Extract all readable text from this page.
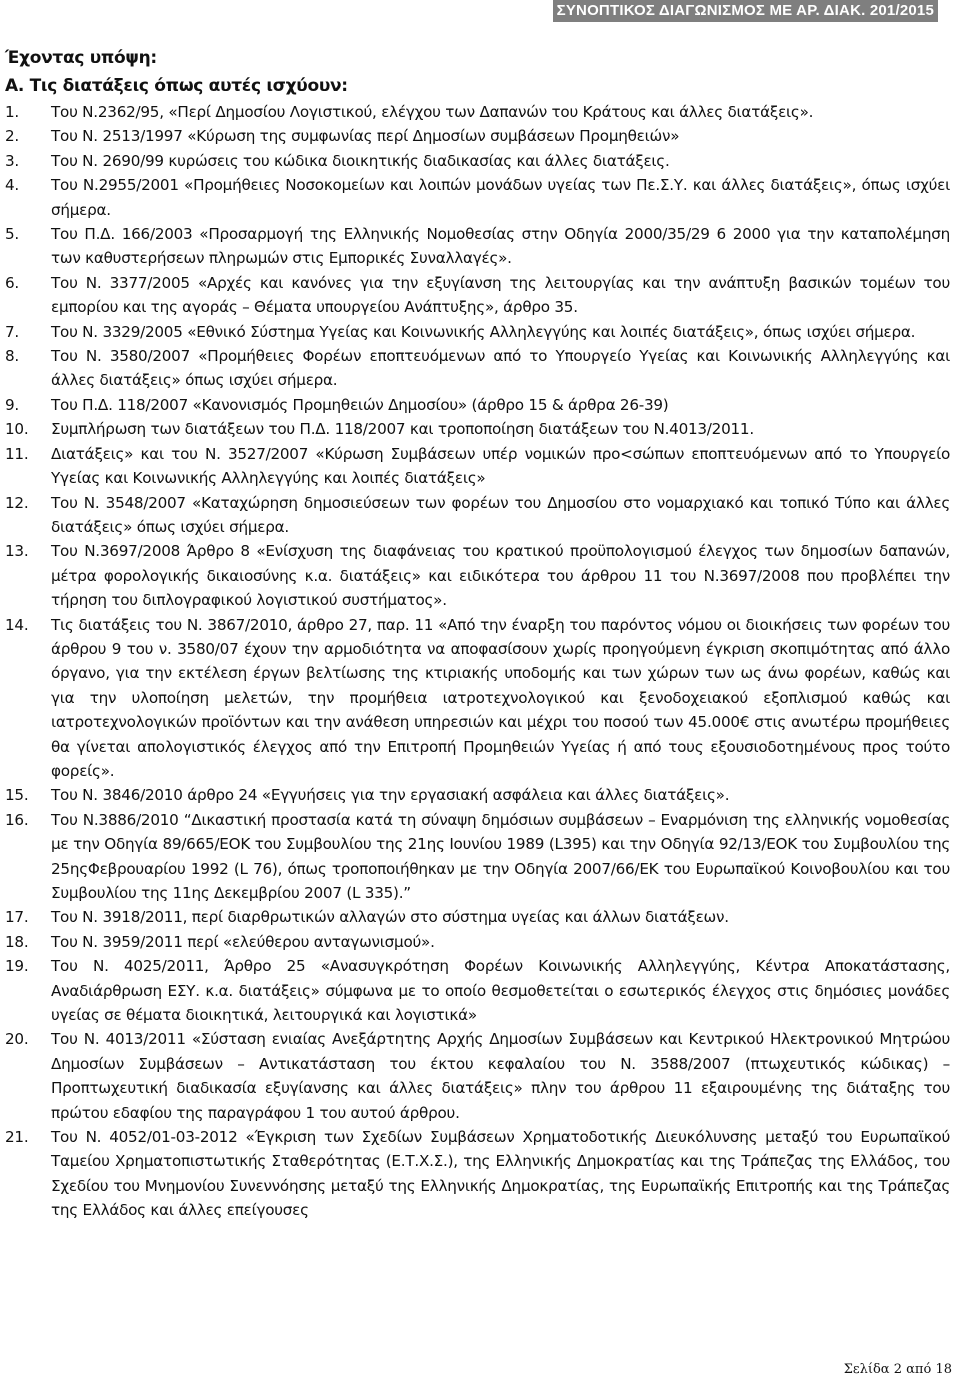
ΣΥΝΟΠΤΙΚΟΣ ΔΙΑΓΩΝΙΣΜΟΣ ΜΕ ΑΡ. ΔΙΑΚ. 201/2015
Έχοντας υπόψη:
Α. Τις διατάξεις όπως αυτές ισχύουν:
1.	Του Ν.2362/95, «Περί Δημοσίου Λογιστικού, ελέγχου των Δαπανών του Κράτους και άλλες διατάξεις».
2.	Του Ν. 2513/1997 «Κύρωση της συμφωνίας περί Δημοσίων συμβάσεων Προμηθειών»
3.	Του Ν. 2690/99 κυρώσεις του κώδικα διοικητικής διαδικασίας και άλλες διατάξεις.
4.	Του Ν.2955/2001 «Προμήθειες Νοσοκομείων και λοιπών μονάδων υγείας των Πε.Σ.Υ. και άλλες διατάξεις», όπως ισχύει σήμερα.
5.	Του Π.Δ. 166/2003 «Προσαρμογή της Ελληνικής Νομοθεσίας στην Οδηγία 2000/35/29 6 2000 για την καταπολέμηση των καθυστερήσεων πληρωμών στις Εμπορικές Συναλλαγές».
6.	Του Ν. 3377/2005 «Αρχές και κανόνες για την εξυγίανση της λειτουργίας και την ανάπτυξη βασικών τομέων του εμπορίου και της αγοράς – Θέματα υπουργείου Ανάπτυξης», άρθρο 35.
7.	Του Ν. 3329/2005 «Εθνικό Σύστημα Υγείας και Κοινωνικής Αλληλεγγύης και λοιπές διατάξεις», όπως ισχύει σήμερα.
8.	Του Ν. 3580/2007 «Προμήθειες Φορέων εποπτευόμενων από το Υπουργείο Υγείας και Κοινωνικής Αλληλεγγύης και άλλες διατάξεις» όπως ισχύει σήμερα.
9.	Του Π.Δ. 118/2007 «Κανονισμός Προμηθειών Δημοσίου» (άρθρο 15 & άρθρα 26-39)
10.	Συμπλήρωση των διατάξεων του Π.Δ. 118/2007 και τροποποίηση διατάξεων του Ν.4013/2011.
11.	Διατάξεις» και του Ν. 3527/2007 «Κύρωση Συμβάσεων υπέρ νομικών προ<σώπων εποπτευόμενων από το Υπουργείο Υγείας και Κοινωνικής Αλληλεγγύης και λοιπές διατάξεις»
12.	Του Ν. 3548/2007 «Καταχώρηση δημοσιεύσεων των φορέων του Δημοσίου στο νομαρχιακό και τοπικό Τύπο και άλλες διατάξεις» όπως ισχύει σήμερα.
13.	Του Ν.3697/2008 Άρθρο 8 «Ενίσχυση της διαφάνειας του κρατικού προϋπολογισμού έλεγχος των δημοσίων δαπανών, μέτρα φορολογικής δικαιοσύνης κ.α. διατάξεις» και ειδικότερα του άρθρου 11 του Ν.3697/2008 που προβλέπει την τήρηση του διπλογραφικού λογιστικού συστήματος».
14.	Τις διατάξεις του Ν. 3867/2010, άρθρο 27, παρ. 11 «Από την έναρξη του παρόντος νόμου οι διοικήσεις των φορέων του άρθρου 9 του ν. 3580/07 έχουν την αρμοδιότητα να αποφασίσουν χωρίς προηγούμενη έγκριση σκοπιμότητας από άλλο όργανο, για την εκτέλεση έργων βελτίωσης της κτιριακής υποδομής και των χώρων των ως άνω φορέων, καθώς και για την υλοποίηση μελετών, την προμήθεια ιατροτεχνολογικού και ξενοδοχειακού εξοπλισμού καθώς και ιατροτεχνολογικών προϊόντων και την ανάθεση υπηρεσιών και μέχρι του ποσού των 45.000€ στις ανωτέρω προμήθειες θα γίνεται απολογιστικός έλεγχος από την Επιτροπή Προμηθειών Υγείας ή από τους εξουσιοδοτημένους προς τούτο φορείς».
15.	Του Ν. 3846/2010 άρθρο 24 «Εγγυήσεις για την εργασιακή ασφάλεια και άλλες διατάξεις».
16.	Του Ν.3886/2010 “Δικαστική προστασία κατά τη σύναψη δημόσιων συμβάσεων – Εναρμόνιση της ελληνικής νομοθεσίας με την Οδηγία 89/665/ΕΟΚ του Συμβουλίου της 21ης Ιουνίου 1989 (L395) και την Οδηγία 92/13/ΕΟΚ του Συμβουλίου της 25ηςΦεβρουαρίου 1992 (L 76), όπως τροποποιήθηκαν με την Οδηγία 2007/66/ΕΚ του Ευρωπαϊκού Κοινοβουλίου και του Συμβουλίου της 11ης Δεκεμβρίου 2007 (L 335).”
17.	Του Ν. 3918/2011, περί διαρθρωτικών αλλαγών στο σύστημα υγείας και άλλων διατάξεων.
18.	Του Ν. 3959/2011 περί «ελεύθερου ανταγωνισμού».
19.	Του Ν. 4025/2011, Άρθρο 25 «Ανασυγκρότηση Φορέων Κοινωνικής Αλληλεγγύης, Κέντρα Αποκατάστασης, Αναδιάρθρωση ΕΣΥ. κ.α. διατάξεις» σύμφωνα με το οποίο θεσμοθετείται ο εσωτερικός έλεγχος στις δημόσιες μονάδες υγείας σε θέματα διοικητικά, λειτουργικά και λογιστικά»
20.	Του Ν. 4013/2011 «Σύσταση ενιαίας Ανεξάρτητης Αρχής Δημοσίων Συμβάσεων και Κεντρικού Ηλεκτρονικού Μητρώου Δημοσίων Συμβάσεων – Αντικατάσταση του έκτου κεφαλαίου του Ν. 3588/2007 (πτωχευτικός κώδικας) – Προπτωχευτική διαδικασία εξυγίανσης και άλλες διατάξεις» πλην του άρθρου 11 εξαιρουμένης της διάταξης του πρώτου εδαφίου της παραγράφου 1 του αυτού άρθρου.
21.	Του Ν. 4052/01-03-2012 «Έγκριση των Σχεδίων Συμβάσεων Χρηματοδοτικής Διευκόλυνσης μεταξύ του Ευρωπαϊκού Ταμείου Χρηματοπιστωτικής Σταθερότητας (Ε.Τ.Χ.Σ.), της Ελληνικής Δημοκρατίας και της Τράπεζας της Ελλάδος, του Σχεδίου του Μνημονίου Συνεννόησης μεταξύ της Ελληνικής Δημοκρατίας, της Ευρωπαϊκής Επιτροπής και της Τράπεζας της Ελλάδος και άλλες επείγουσες
Σελίδα 2 από 18
